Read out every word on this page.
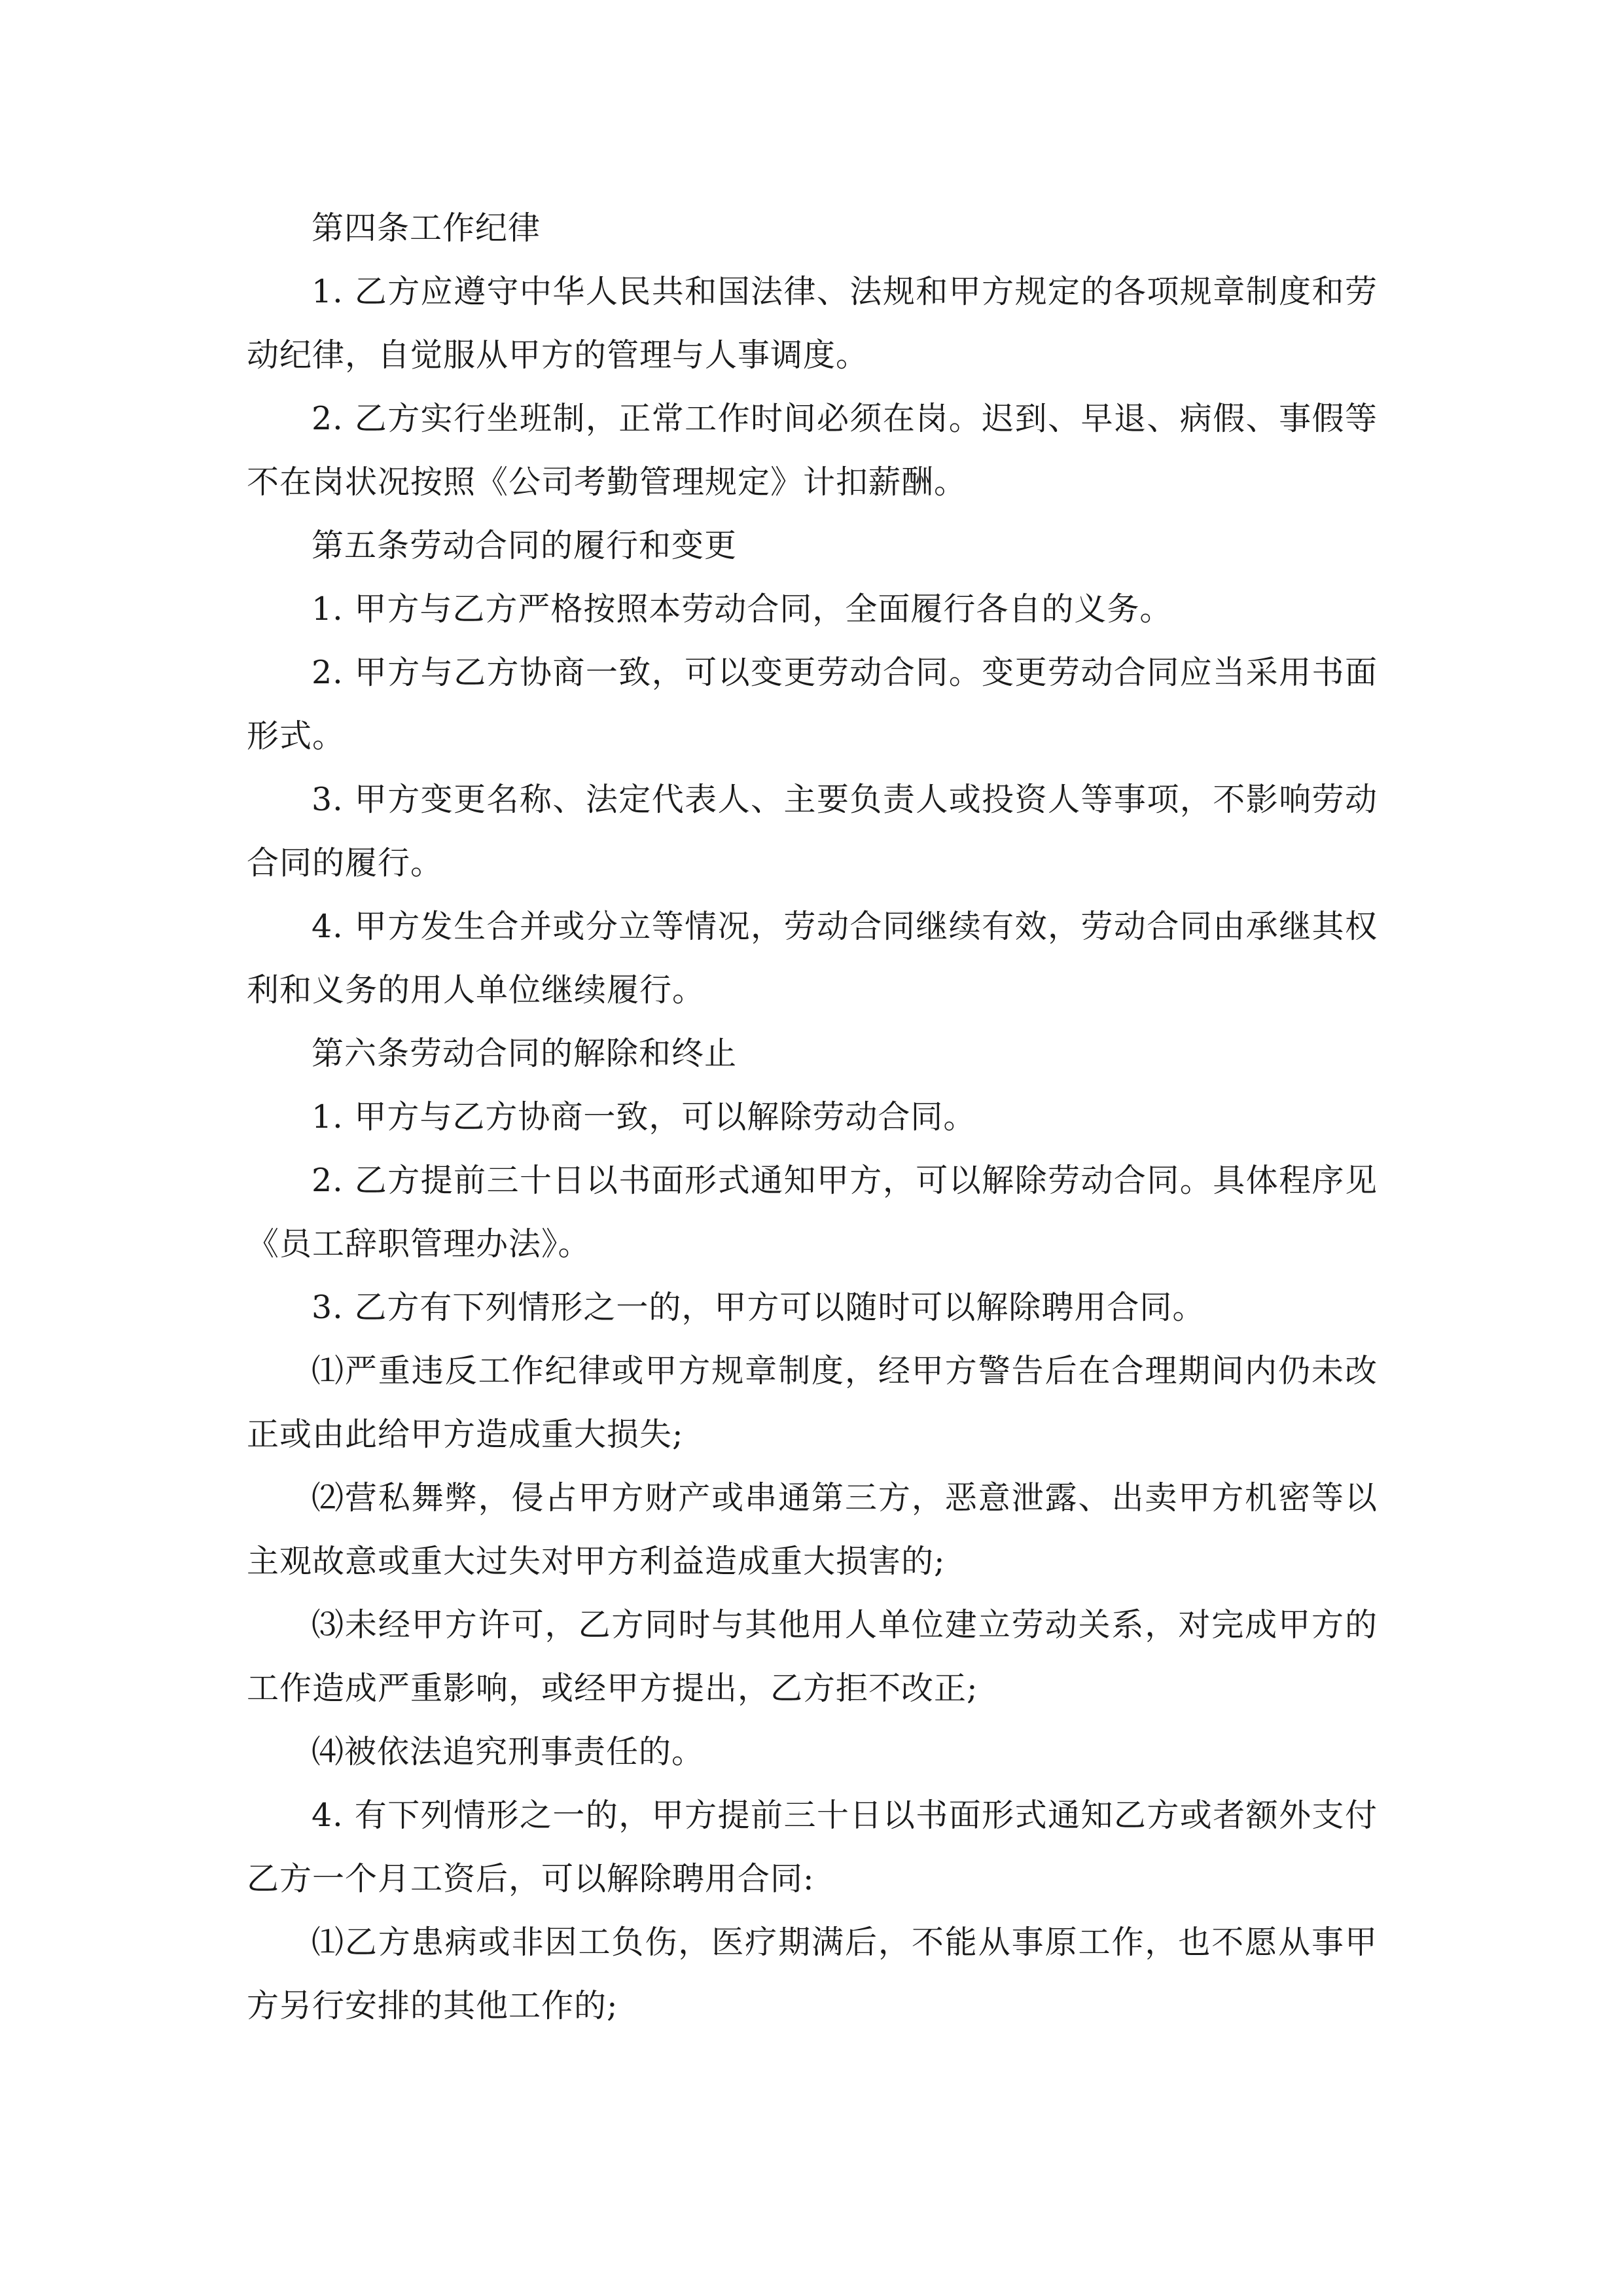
第四条工作纪律

1. 乙方应遵守中华人民共和国法律、法规和甲方规定的各项规章制度和劳动纪律，自觉服从甲方的管理与人事调度。

2. 乙方实行坐班制，正常工作时间必须在岗。迟到、早退、病假、事假等不在岗状况按照《公司考勤管理规定》计扣薪酬。

第五条劳动合同的履行和变更

1. 甲方与乙方严格按照本劳动合同，全面履行各自的义务。

2. 甲方与乙方协商一致，可以变更劳动合同。变更劳动合同应当采用书面形式。

3. 甲方变更名称、法定代表人、主要负责人或投资人等事项，不影响劳动合同的履行。

4. 甲方发生合并或分立等情况，劳动合同继续有效，劳动合同由承继其权利和义务的用人单位继续履行。

第六条劳动合同的解除和终止

1. 甲方与乙方协商一致，可以解除劳动合同。

2. 乙方提前三十日以书面形式通知甲方，可以解除劳动合同。具体程序见《员工辞职管理办法》。

3. 乙方有下列情形之一的，甲方可以随时可以解除聘用合同。

⑴严重违反工作纪律或甲方规章制度，经甲方警告后在合理期间内仍未改正或由此给甲方造成重大损失;

⑵营私舞弊，侵占甲方财产或串通第三方，恶意泄露、出卖甲方机密等以主观故意或重大过失对甲方利益造成重大损害的;

⑶未经甲方许可，乙方同时与其他用人单位建立劳动关系，对完成甲方的工作造成严重影响，或经甲方提出，乙方拒不改正;

⑷被依法追究刑事责任的。

4. 有下列情形之一的，甲方提前三十日以书面形式通知乙方或者额外支付乙方一个月工资后，可以解除聘用合同:

⑴乙方患病或非因工负伤，医疗期满后，不能从事原工作，也不愿从事甲方另行安排的其他工作的;
